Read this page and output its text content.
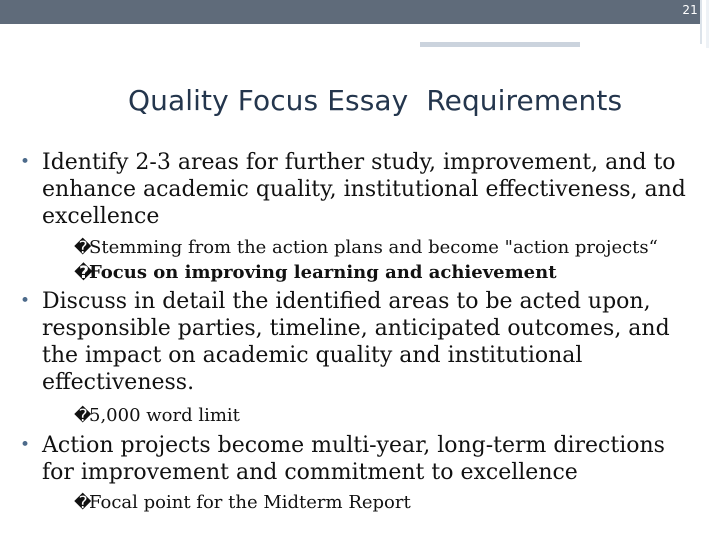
21
Quality Focus Essay  Requirements
• Identify 2-3 areas for further study, improvement, and to enhance academic quality, institutional effectiveness, and excellence
�Stemming from the action plans and become "action projects“
�Focus on improving learning and achievement
• Discuss in detail the identified areas to be acted upon, responsible parties, timeline, anticipated outcomes, and the impact on academic quality and institutional effectiveness.
�5,000 word limit
• Action projects become multi-year, long-term directions for improvement and commitment to excellence
�Focal point for the Midterm Report
